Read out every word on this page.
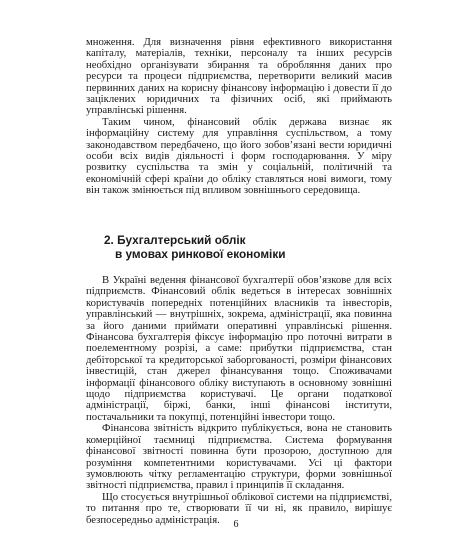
множення. Для визначення рівня ефективного використання капіталу, матеріалів, техніки, персоналу та інших ресурсів необхідно організувати збирання та обробляння даних про ресурси та процеси підприємства, перетворити великий масив первинних даних на корисну фінансову інформацію і довести її до заціклених юридичних та фізичних осіб, які приймають управлінські рішення.

Таким чином, фінансовий облік держава визнає як інформаційну систему для управління суспільством, а тому законодавством передбачено, що його зобов’язані вести юридичні особи всіх видів діяльності і форм господарювання. У міру розвитку суспільства та змін у соціальній, політичній та економічній сфері країни до обліку ставляться нові вимоги, тому він також змінюється під впливом зовнішнього середовища.

2. Бухгалтерський облік
в умовах ринкової економіки

В Україні ведення фінансової бухгалтерії обов’язкове для всіх підприємств. Фінансовий облік ведеться в інтересах зовнішніх користувачів попередніх потенційних власників та інвесторів, управлінський — внутрішніх, зокрема, адміністрації, яка повинна за його даними приймати оперативні управлінські рішення. Фінансова бухгалтерія фіксує інформацію про поточні витрати в поелементному розрізі, а саме: прибутки підприємства, стан дебіторської та кредиторської заборгованості, розміри фінансових інвестицій, стан джерел фінансування тощо. Споживачами інформації фінансового обліку виступають в основному зовнішні щодо підприємства користувачі. Це органи податкової адміністрації, біржі, банки, інші фінансові інститути, постачальники та покупці, потенційні інвестори тощо.

Фінансова звітність відкрито публікується, вона не становить комерційної таємниці підприємства. Система формування фінансової звітності повинна бути прозорою, доступною для розуміння компетентними користувачами. Усі ці фактори зумовлюють чітку регламентацію структури, форми зовнішньої звітності підприємства, правил і принципів її складання.

Що стосується внутрішньої облікової системи на підприємстві, то питання про те, створювати її чи ні, як правило, вирішує безпосередньо адміністрація.	6
